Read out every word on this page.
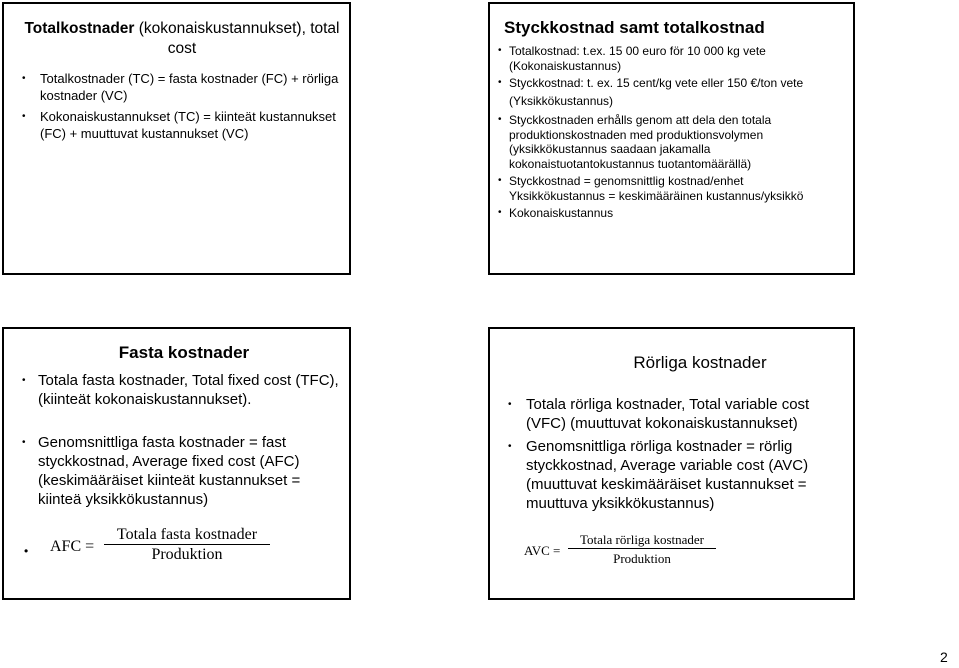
Totalkostnader (kokonaiskustannukset), total cost
• Totalkostnader (TC) = fasta kostnader (FC) + rörliga kostnader (VC)
• Kokonaiskustannukset (TC) = kiinteät kustannukset (FC) + muuttuvat kustannukset (VC)
Styckkostnad samt totalkostnad
• Totalkostnad: t.ex. 15 00 euro för 10 000 kg vete
(Kokonaiskustannus)
• Styckkostnad: t. ex. 15 cent/kg vete eller 150 €/ton vete
(Yksikkökustannus)
• Styckkostnaden erhålls genom att dela den totala produktionskostnaden med produktionsvolymen (yksikkökustannus saadaan jakamalla kokonaistuotantokustannus tuotantomäärällä)
• Styckkostnad = genomsnittlig kostnad/enhet
Yksikkökustannus = keskimääräinen kustannus/yksikkö
• Kokonaiskustannus
Fasta kostnader
• Totala fasta kostnader, Total fixed cost (TFC), (kiinteät kokonaiskustannukset).
• Genomsnittliga fasta kostnader = fast styckkostnad, Average fixed cost (AFC) (keskimääräiset kiinteät kustannukset = kiinteä yksikkökustannus)
• AFC =
Totala fasta kostnader
Produktion
Rörliga kostnader
• Totala rörliga kostnader, Total variable cost (VFC) (muuttuvat kokonaiskustannukset)
• Genomsnittliga rörliga kostnader = rörlig styckkostnad, Average variable cost (AVC) (muuttuvat keskimääräiset kustannukset = muuttuva yksikkökustannus)
AVC =
Totala rörliga kostnader
Produktion
2
